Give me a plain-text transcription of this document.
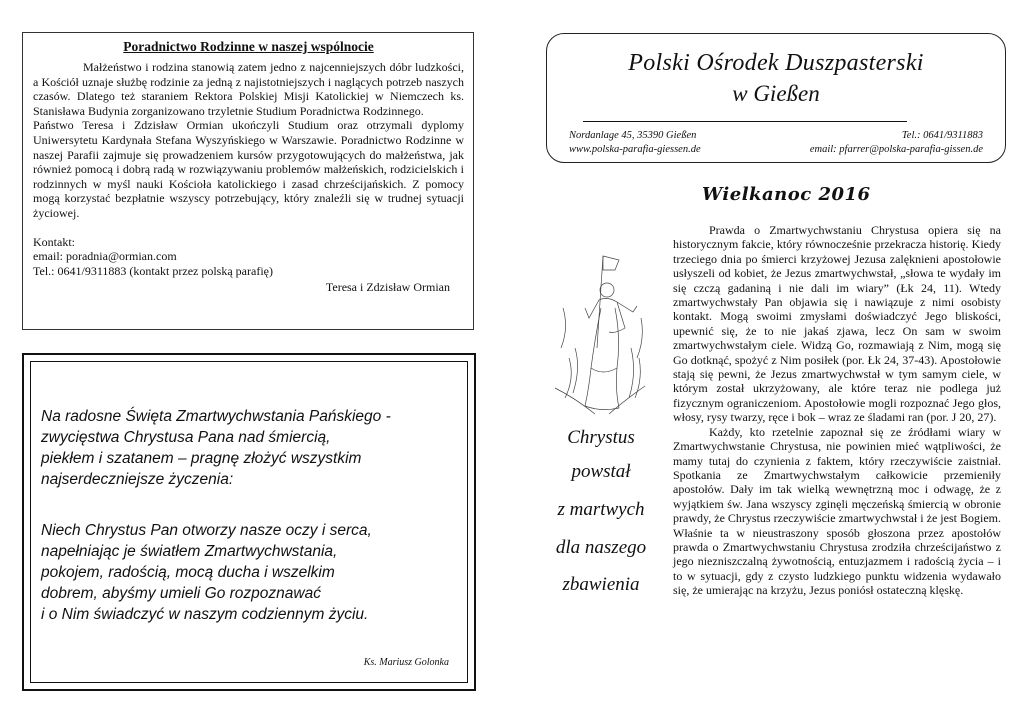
Poradnictwo Rodzinne w naszej wspólnocie

Małżeństwo i rodzina stanowią zatem jedno z najcenniejszych dóbr ludzkości, a Kościół uznaje służbę rodzinie za jedną z najistotniejszych i naglących potrzeb naszych czasów. Dlatego też staraniem Rektora Polskiej Misji Katolickiej w Niemczech ks. Stanisława Budynia zorganizowano trzyletnie Studium Poradnictwa Rodzinnego.

Państwo Teresa i Zdzisław Ormian ukończyli Studium oraz otrzymali dyplomy Uniwersytetu Kardynała Stefana Wyszyńskiego w Warszawie. Poradnictwo Rodzinne w naszej Parafii zajmuje się prowadzeniem kursów przygotowujących do małżeństwa, jak również pomocą i dobrą radą w rozwiązywaniu problemów małżeńskich, rodzicielskich i rodzinnych w myśl nauki Kościoła katolickiego i zasad chrześcijańskich. Z pomocy mogą korzystać bezpłatnie wszyscy potrzebujący, który znaleźli się w trudnej sytuacji życiowej.

Kontakt:
email: poradnia@ormian.com
Tel.: 0641/9311883 (kontakt przez polską parafię)
Teresa i Zdzisław Ormian
Na radosne Święta Zmartwychwstania Pańskiego -
zwycięstwa Chrystusa Pana nad śmiercią,
piekłem i szatanem – pragnę złożyć wszystkim
najserdeczniejsze życzenia:
Niech Chrystus Pan otworzy nasze oczy i serca,
napełniając je światłem Zmartwychwstania,
pokojem, radością, mocą ducha i wszelkim
dobrem, abyśmy umieli Go rozpoznawać
i o Nim świadczyć w naszym codziennym życiu.
Ks. Mariusz Golonka
Polski Ośrodek Duszpasterski
w Gießen
Nordanlage 45, 35390 Gießen	Tel.: 0641/9311883
www.polska-parafia-giessen.de	email: pfarrer@polska-parafia-gissen.de
Wielkanoc 2016
Chrystus
powstał
z martwych
dla naszego
zbawienia

Prawda o Zmartwychwstaniu Chrystusa opiera się na historycznym fakcie, który równocześnie przekracza historię. Kiedy trzeciego dnia po śmierci krzyżowej Jezusa zalęknieni apostołowie usłyszeli od kobiet, że Jezus zmartwychwstał, „słowa te wydały im się czczą gadaniną i nie dali im wiary” (Łk 24, 11). Wtedy zmartwychwstały Pan objawia się i nawiązuje z nimi osobisty kontakt. Mogą swoimi zmysłami doświadczyć Jego bliskości, upewnić się, że to nie jakaś zjawa, lecz On sam w swoim zmartwychwstałym ciele. Widzą Go, rozmawiają z Nim, mogą się Go dotknąć, spożyć z Nim posiłek (por. Łk 24, 37-43). Apostołowie stają się pewni, że Jezus zmartwychwstał w tym samym ciele, w którym został ukrzyżowany, ale które teraz nie podlega już fizycznym ograniczeniom. Apostołowie mogli rozpoznać Jego głos, włosy, rysy twarzy, ręce i bok – wraz ze śladami ran (por. J 20, 27).

Każdy, kto rzetelnie zapoznał się ze źródłami wiary w Zmartwychwstanie Chrystusa, nie powinien mieć wątpliwości, że mamy tutaj do czynienia z faktem, który rzeczywiście zaistniał. Spotkania ze Zmartwychwstałym całkowicie przemieniły apostołów. Dały im tak wielką wewnętrzną moc i odwagę, że z wyjątkiem św. Jana wszyscy zginęli męczeńską śmiercią w obronie prawdy, że Chrystus rzeczywiście zmartwychwstał i że jest Bogiem. Właśnie ta w nieustraszony sposób głoszona przez apostołów prawda o Zmartwychwstaniu Chrystusa zrodziła chrześcijaństwo z jego niezniszczalną żywotnością, entuzjazmem i radością życia – i to w sytuacji, gdy z czysto ludzkiego punktu widzenia wydawało się, że umierając na krzyżu, Jezus poniósł ostateczną klęskę.
